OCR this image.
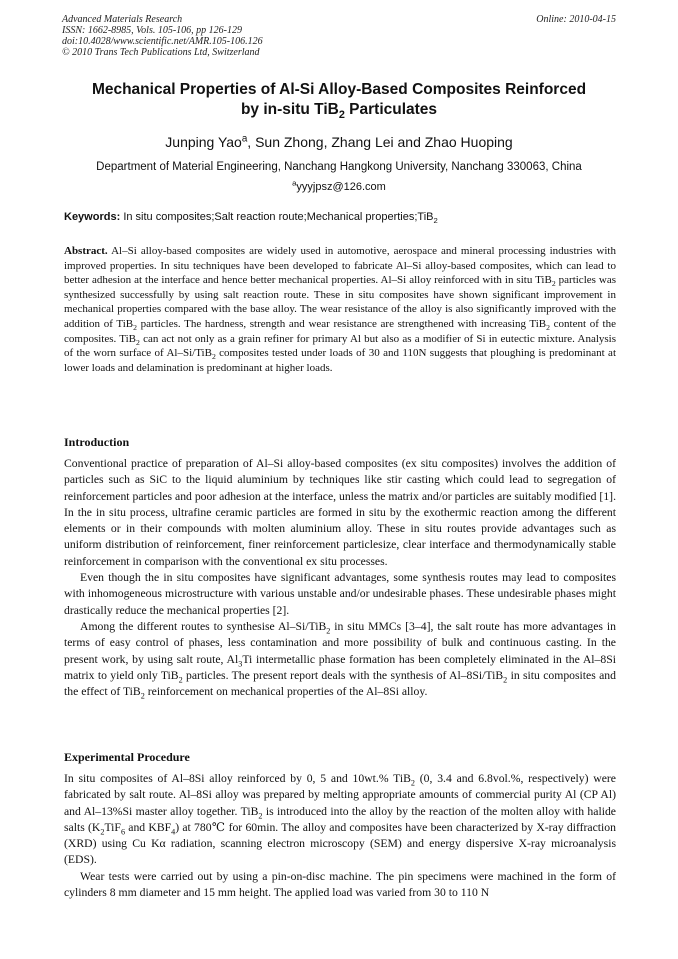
Advanced Materials Research
ISSN: 1662-8985, Vols. 105-106, pp 126-129
doi:10.4028/www.scientific.net/AMR.105-106.126
© 2010 Trans Tech Publications Ltd, Switzerland
Online: 2010-04-15
Mechanical Properties of Al-Si Alloy-Based Composites Reinforced
by in-situ TiB$_2$ Particulates
Junping Yao$^a$, Sun Zhong, Zhang Lei and Zhao Huoping
Department of Material Engineering, Nanchang Hangkong University, Nanchang 330063, China
$^a$yyyjpsz@126.com
Keywords: In situ composites;Salt reaction route;Mechanical properties;TiB$_2$
Abstract. Al–Si alloy-based composites are widely used in automotive, aerospace and mineral processing industries with improved properties. In situ techniques have been developed to fabricate Al–Si alloy-based composites, which can lead to better adhesion at the interface and hence better mechanical properties. Al–Si alloy reinforced with in situ TiB$_2$ particles was synthesized successfully by using salt reaction route. These in situ composites have shown significant improvement in mechanical properties compared with the base alloy. The wear resistance of the alloy is also significantly improved with the addition of TiB$_2$ particles. The hardness, strength and wear resistance are strengthened with increasing TiB$_2$ content of the composites. TiB$_2$ can act not only as a grain refiner for primary Al but also as a modifier of Si in eutectic mixture. Analysis of the worn surface of Al–Si/TiB$_2$ composites tested under loads of 30 and 110N suggests that ploughing is predominant at lower loads and delamination is predominant at higher loads.
Introduction

Conventional practice of preparation of Al–Si alloy-based composites (ex situ composites) involves the addition of particles such as SiC to the liquid aluminium by techniques like stir casting which could lead to segregation of reinforcement particles and poor adhesion at the interface, unless the matrix and/or particles are suitably modified [1]. In the in situ process, ultrafine ceramic particles are formed in situ by the exothermic reaction among the different elements or in their compounds with molten aluminium alloy. These in situ routes provide advantages such as uniform distribution of reinforcement, finer reinforcement particlesize, clear interface and thermodynamically stable reinforcement in comparison with the conventional ex situ processes.

Even though the in situ composites have significant advantages, some synthesis routes may lead to composites with inhomogeneous microstructure with various unstable and/or undesirable phases. These undesirable phases might drastically reduce the mechanical properties [2].

Among the different routes to synthesise Al–Si/TiB$_2$ in situ MMCs [3–4], the salt route has more advantages in terms of easy control of phases, less contamination and more possibility of bulk and continuous casting. In the present work, by using salt route, $Al_3Ti$ intermetallic phase formation has been completely eliminated in the Al–8Si matrix to yield only TiB$_2$ particles. The present report deals with the synthesis of Al–8Si/TiB$_2$ in situ composites and the effect of TiB$_2$ reinforcement on mechanical properties of the Al–8Si alloy.

Experimental Procedure

In situ composites of Al–8Si alloy reinforced by 0, 5 and 10wt.% TiB$_2$ (0, 3.4 and 6.8vol.%, respectively) were fabricated by salt route. Al–8Si alloy was prepared by melting appropriate amounts of commercial purity Al (CP Al) and Al–13%Si master alloy together. TiB$_2$ is introduced into the alloy by the reaction of the molten alloy with halide salts ($K_2TiF_6$ and $KBF_4$) at 780℃ for 60min. The alloy and composites have been characterized by X-ray diffraction (XRD) using Cu Kα radiation, scanning electron microscopy (SEM) and energy dispersive X-ray microanalysis (EDS).

Wear tests were carried out by using a pin-on-disc machine. The pin specimens were machined in the form of cylinders 8 mm diameter and 15 mm height. The applied load was varied from 30 to 110 N
